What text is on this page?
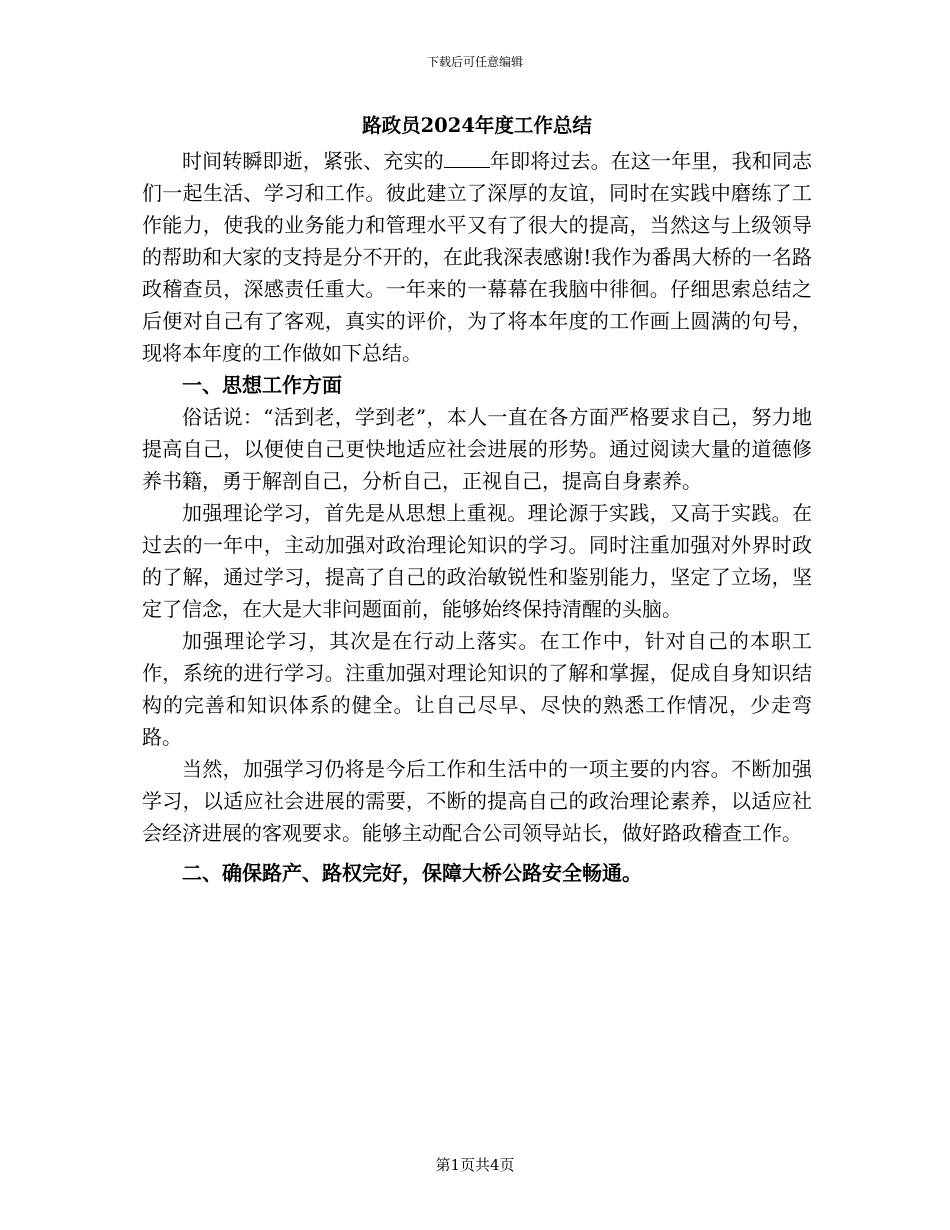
下载后可任意编辑
路政员2024年度工作总结

时间转瞬即逝，紧张、充实的 年即将过去。在这一年里，我和同志们一起生活、学习和工作。彼此建立了深厚的友谊，同时在实践中磨练了工作能力，使我的业务能力和管理水平又有了很大的提高，当然这与上级领导的帮助和大家的支持是分不开的，在此我深表感谢!我作为番禺大桥的一名路政稽查员，深感责任重大。一年来的一幕幕在我脑中徘徊。仔细思索总结之后便对自己有了客观，真实的评价，为了将本年度的工作画上圆满的句号，现将本年度的工作做如下总结。

一、思想工作方面

俗话说：“活到老，学到老”，本人一直在各方面严格要求自己，努力地提高自己，以便使自己更快地适应社会进展的形势。通过阅读大量的道德修养书籍，勇于解剖自己，分析自己，正视自己，提高自身素养。

加强理论学习，首先是从思想上重视。理论源于实践，又高于实践。在过去的一年中，主动加强对政治理论知识的学习。同时注重加强对外界时政的了解，通过学习，提高了自己的政治敏锐性和鉴别能力，坚定了立场，坚定了信念，在大是大非问题面前，能够始终保持清醒的头脑。

加强理论学习，其次是在行动上落实。在工作中，针对自己的本职工作，系统的进行学习。注重加强对理论知识的了解和掌握，促成自身知识结构的完善和知识体系的健全。让自己尽早、尽快的熟悉工作情况，少走弯路。

当然，加强学习仍将是今后工作和生活中的一项主要的内容。不断加强学习，以适应社会进展的需要，不断的提高自己的政治理论素养，以适应社会经济进展的客观要求。能够主动配合公司领导站长，做好路政稽查工作。

二、确保路产、路权完好，保障大桥公路安全畅通。

第1页共4页
